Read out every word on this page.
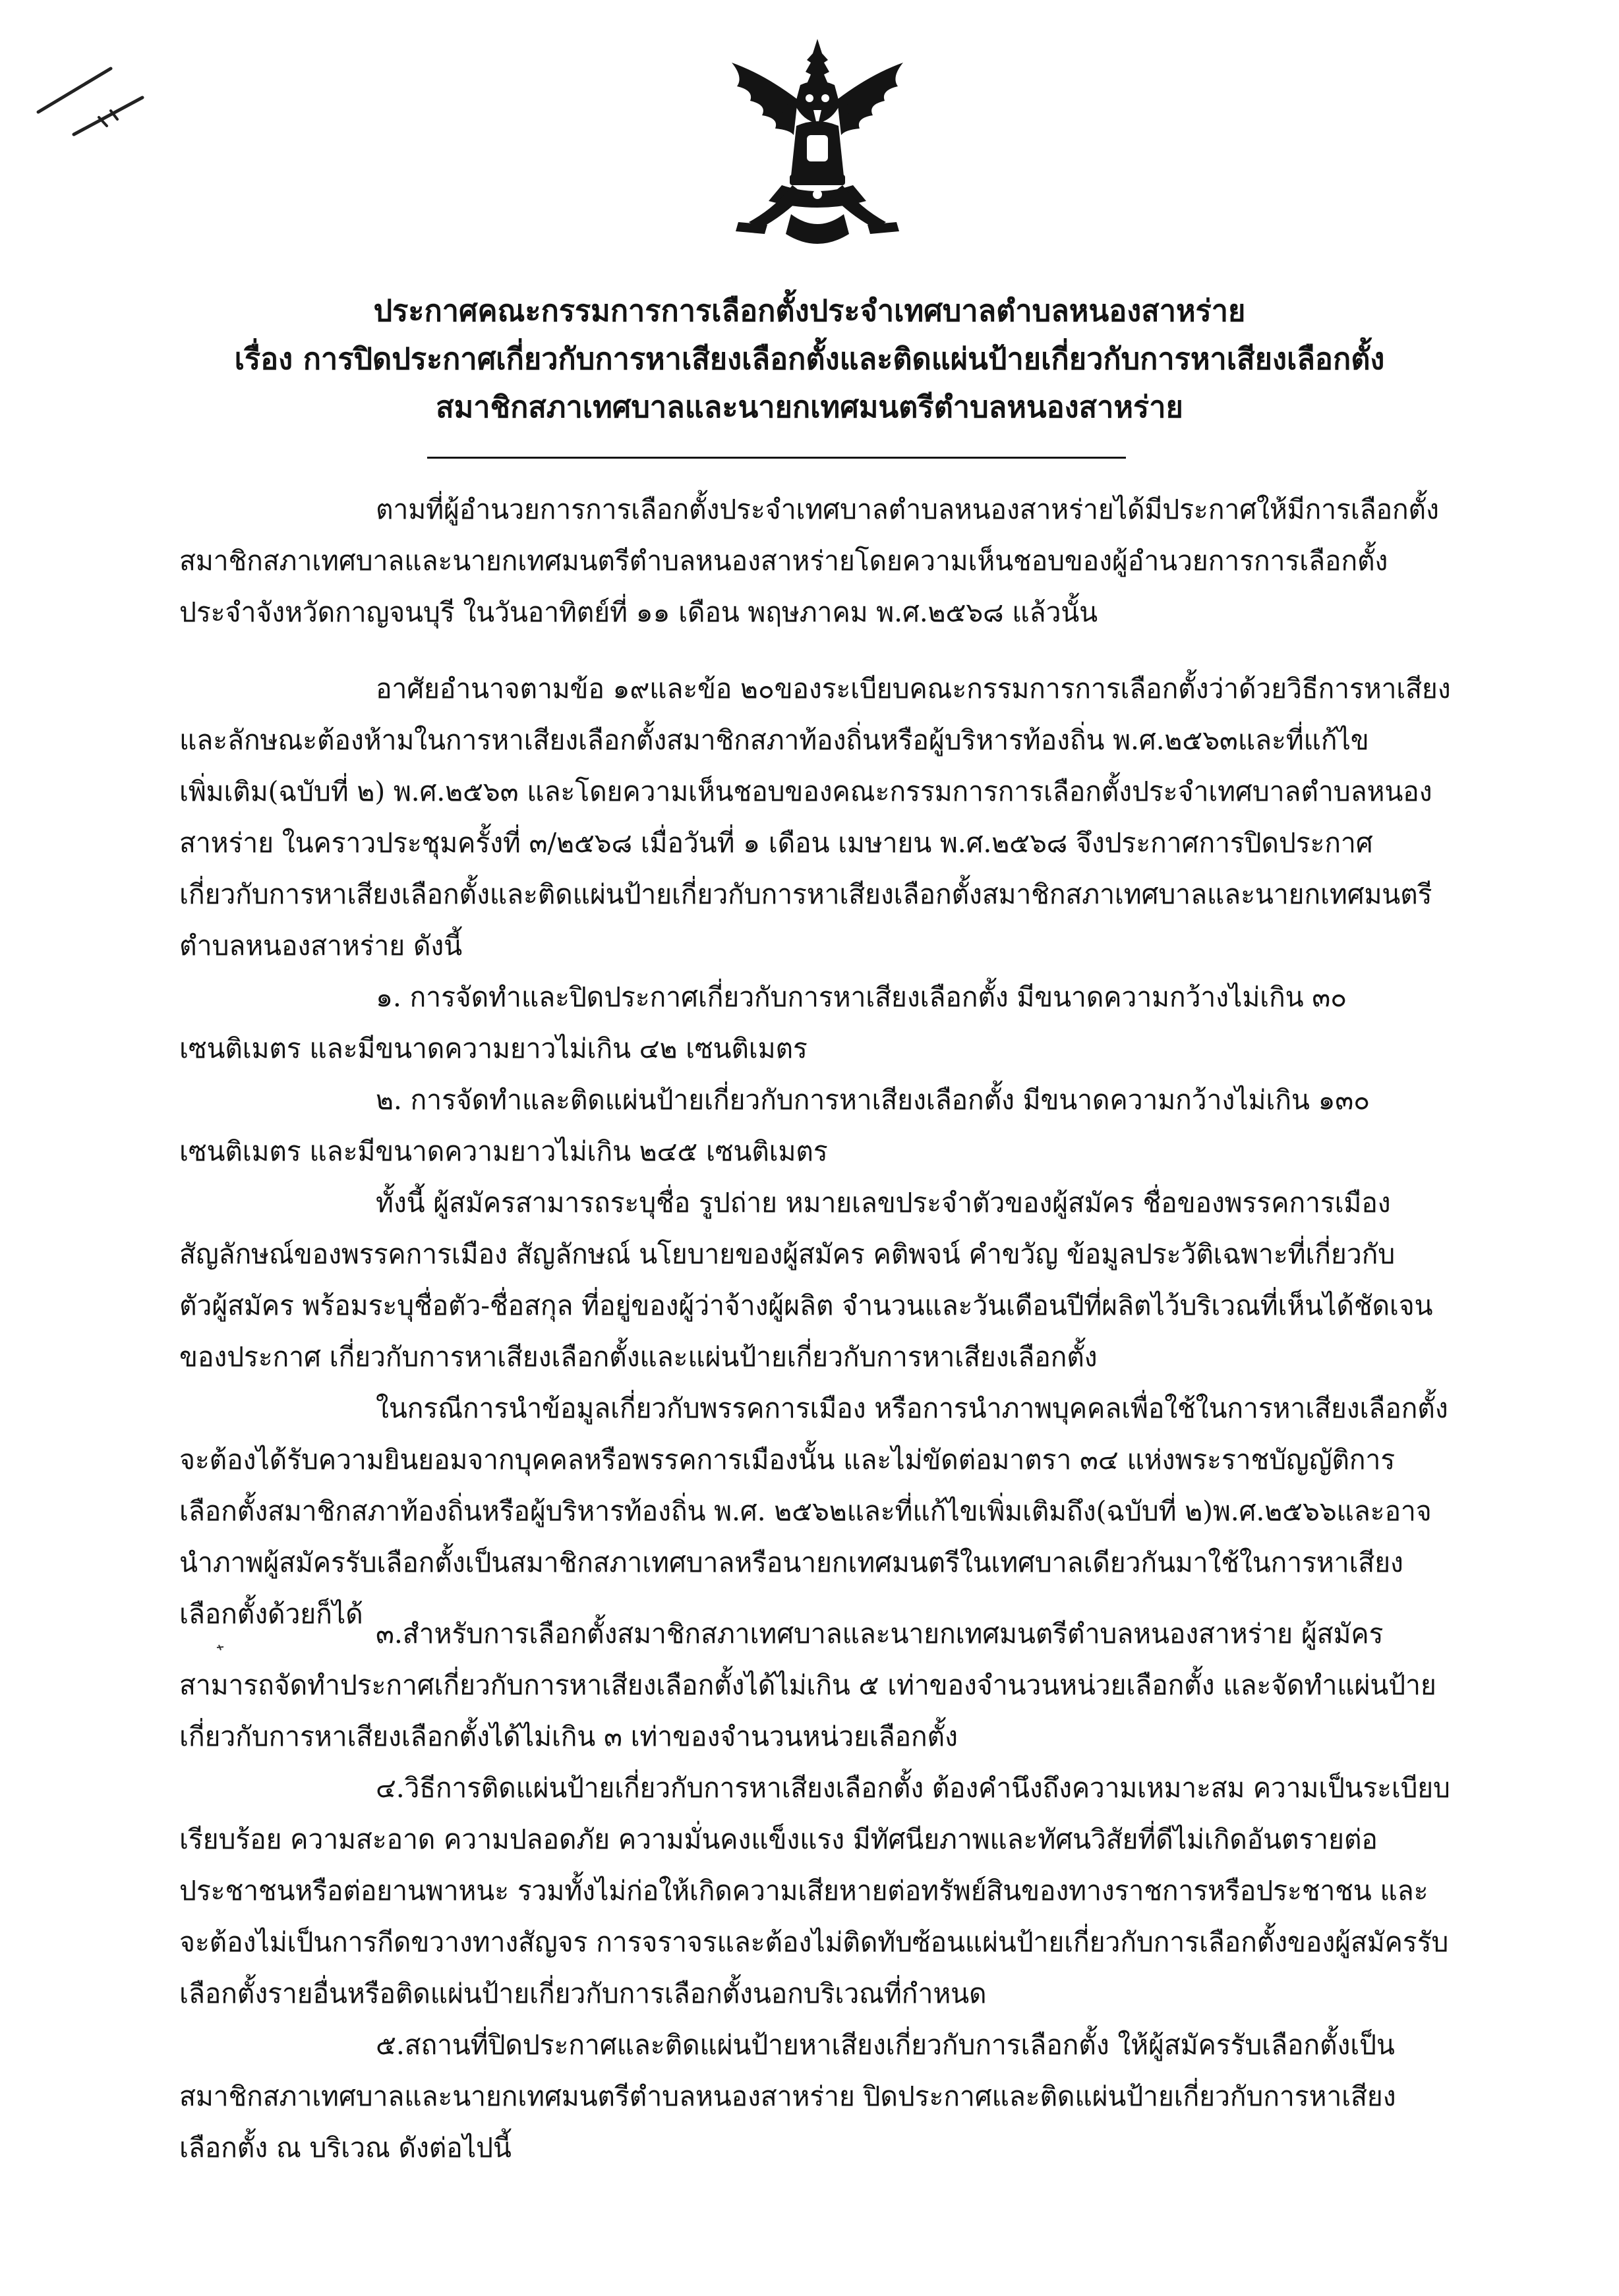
ประกาศคณะกรรมการการเลือกตั้งประจำเทศบาลตำบลหนองสาหร่าย
เรื่อง การปิดประกาศเกี่ยวกับการหาเสียงเลือกตั้งและติดแผ่นป้ายเกี่ยวกับการหาเสียงเลือกตั้ง
สมาชิกสภาเทศบาลและนายกเทศมนตรีตำบลหนองสาหร่าย
ตามที่ผู้อำนวยการการเลือกตั้งประจำเทศบาลตำบลหนองสาหร่ายได้มีประกาศให้มีการเลือกตั้ง
สมาชิกสภาเทศบาลและนายกเทศมนตรีตำบลหนองสาหร่ายโดยความเห็นชอบของผู้อำนวยการการเลือกตั้ง
ประจำจังหวัดกาญจนบุรี ในวันอาทิตย์ที่ ๑๑ เดือน พฤษภาคม พ.ศ.๒๕๖๘ แล้วนั้น
อาศัยอำนาจตามข้อ ๑๙และข้อ ๒๐ของระเบียบคณะกรรมการการเลือกตั้งว่าด้วยวิธีการหาเสียง
และลักษณะต้องห้ามในการหาเสียงเลือกตั้งสมาชิกสภาท้องถิ่นหรือผู้บริหารท้องถิ่น พ.ศ.๒๕๖๓และที่แก้ไข
เพิ่มเติม(ฉบับที่ ๒) พ.ศ.๒๕๖๓ และโดยความเห็นชอบของคณะกรรมการการเลือกตั้งประจำเทศบาลตำบลหนอง
สาหร่าย ในคราวประชุมครั้งที่ ๓/๒๕๖๘ เมื่อวันที่ ๑ เดือน เมษายน พ.ศ.๒๕๖๘ จึงประกาศการปิดประกาศ
เกี่ยวกับการหาเสียงเลือกตั้งและติดแผ่นป้ายเกี่ยวกับการหาเสียงเลือกตั้งสมาชิกสภาเทศบาลและนายกเทศมนตรี
ตำบลหนองสาหร่าย ดังนี้
๑. การจัดทำและปิดประกาศเกี่ยวกับการหาเสียงเลือกตั้ง มีขนาดความกว้างไม่เกิน ๓๐
เซนติเมตร และมีขนาดความยาวไม่เกิน ๔๒ เซนติเมตร
๒. การจัดทำและติดแผ่นป้ายเกี่ยวกับการหาเสียงเลือกตั้ง มีขนาดความกว้างไม่เกิน ๑๓๐
เซนติเมตร และมีขนาดความยาวไม่เกิน ๒๔๕ เซนติเมตร
ทั้งนี้ ผู้สมัครสามารถระบุชื่อ รูปถ่าย หมายเลขประจำตัวของผู้สมัคร ชื่อของพรรคการเมือง
สัญลักษณ์ของพรรคการเมือง สัญลักษณ์ นโยบายของผู้สมัคร คติพจน์ คำขวัญ ข้อมูลประวัติเฉพาะที่เกี่ยวกับ
ตัวผู้สมัคร พร้อมระบุชื่อตัว-ชื่อสกุล ที่อยู่ของผู้ว่าจ้างผู้ผลิต จำนวนและวันเดือนปีที่ผลิตไว้บริเวณที่เห็นได้ชัดเจน
ของประกาศ เกี่ยวกับการหาเสียงเลือกตั้งและแผ่นป้ายเกี่ยวกับการหาเสียงเลือกตั้ง
ในกรณีการนำข้อมูลเกี่ยวกับพรรคการเมือง หรือการนำภาพบุคคลเพื่อใช้ในการหาเสียงเลือกตั้ง
จะต้องได้รับความยินยอมจากบุคคลหรือพรรคการเมืองนั้น และไม่ขัดต่อมาตรา ๓๔ แห่งพระราชบัญญัติการ
เลือกตั้งสมาชิกสภาท้องถิ่นหรือผู้บริหารท้องถิ่น พ.ศ. ๒๕๖๒และที่แก้ไขเพิ่มเติมถึง(ฉบับที่ ๒)พ.ศ.๒๕๖๖และอาจ
นำภาพผู้สมัครรับเลือกตั้งเป็นสมาชิกสภาเทศบาลหรือนายกเทศมนตรีในเทศบาลเดียวกันมาใช้ในการหาเสียง
เลือกตั้งด้วยก็ได้
๓.สำหรับการเลือกตั้งสมาชิกสภาเทศบาลและนายกเทศมนตรีตำบลหนองสาหร่าย ผู้สมัคร
สามารถจัดทำประกาศเกี่ยวกับการหาเสียงเลือกตั้งได้ไม่เกิน ๕ เท่าของจำนวนหน่วยเลือกตั้ง และจัดทำแผ่นป้าย
เกี่ยวกับการหาเสียงเลือกตั้งได้ไม่เกิน ๓ เท่าของจำนวนหน่วยเลือกตั้ง
๔.วิธีการติดแผ่นป้ายเกี่ยวกับการหาเสียงเลือกตั้ง ต้องคำนึงถึงความเหมาะสม ความเป็นระเบียบ
เรียบร้อย ความสะอาด ความปลอดภัย ความมั่นคงแข็งแรง มีทัศนียภาพและทัศนวิสัยที่ดีไม่เกิดอันตรายต่อ
ประชาชนหรือต่อยานพาหนะ รวมทั้งไม่ก่อให้เกิดความเสียหายต่อทรัพย์สินของทางราชการหรือประชาชน และ
จะต้องไม่เป็นการกีดขวางทางสัญจร การจราจรและต้องไม่ติดทับซ้อนแผ่นป้ายเกี่ยวกับการเลือกตั้งของผู้สมัครรับ
เลือกตั้งรายอื่นหรือติดแผ่นป้ายเกี่ยวกับการเลือกตั้งนอกบริเวณที่กำหนด
๕.สถานที่ปิดประกาศและติดแผ่นป้ายหาเสียงเกี่ยวกับการเลือกตั้ง ให้ผู้สมัครรับเลือกตั้งเป็น
สมาชิกสภาเทศบาลและนายกเทศมนตรีตำบลหนองสาหร่าย ปิดประกาศและติดแผ่นป้ายเกี่ยวกับการหาเสียง
เลือกตั้ง ณ บริเวณ ดังต่อไปนี้
